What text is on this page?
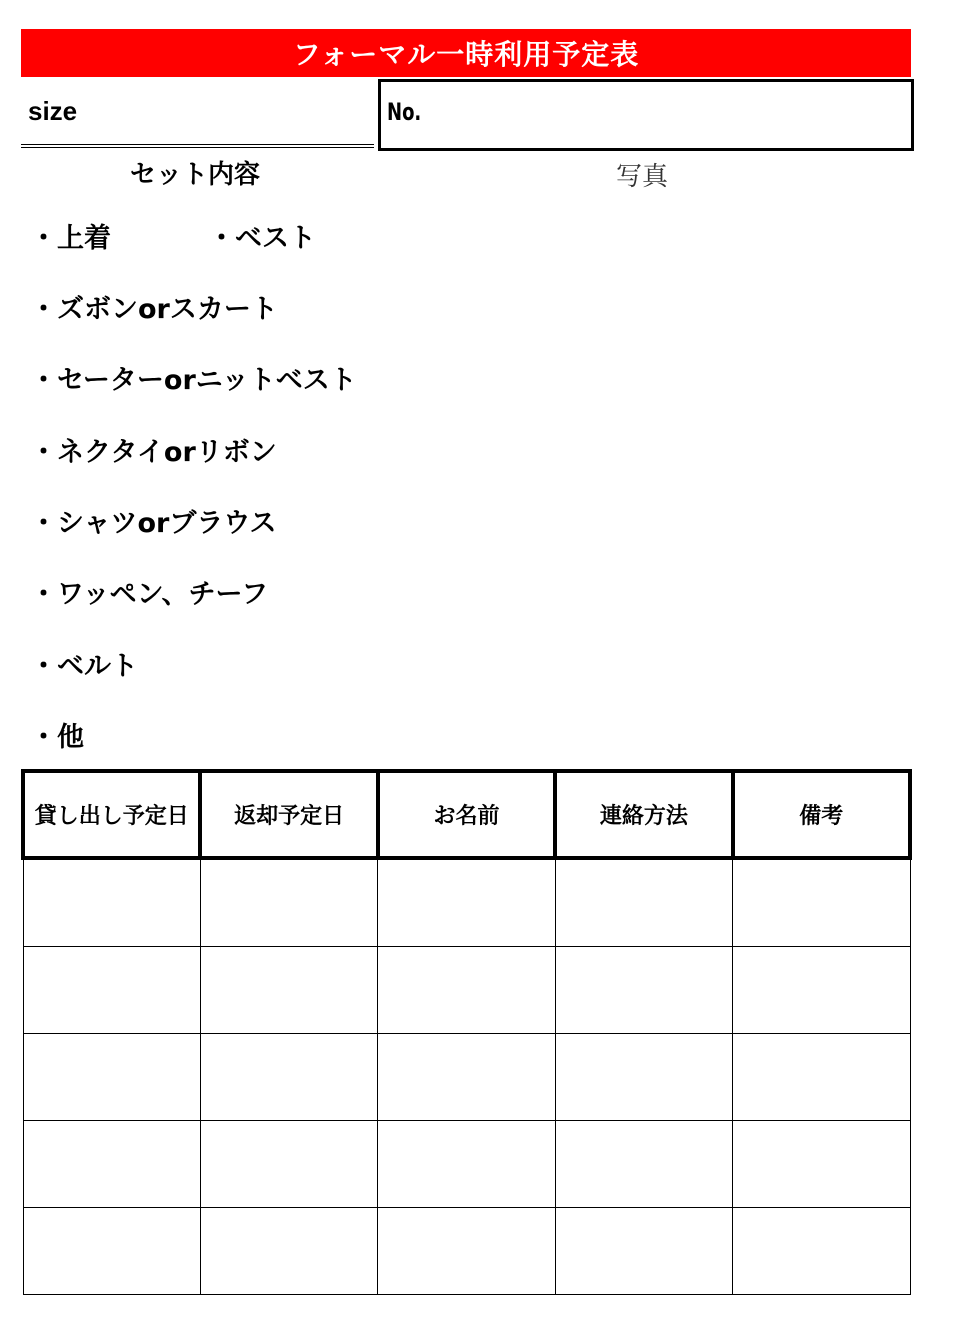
フォーマル一時利用予定表
size	No.
セット内容	写真
・上着	・ベスト
・ズボンorスカート
・セーターorニットベスト
・ネクタイorリボン
・シャツorブラウス
・ワッペン、チーフ
・ベルト
・他
貸し出し予定日	返却予定日	お名前	連絡方法	備考
